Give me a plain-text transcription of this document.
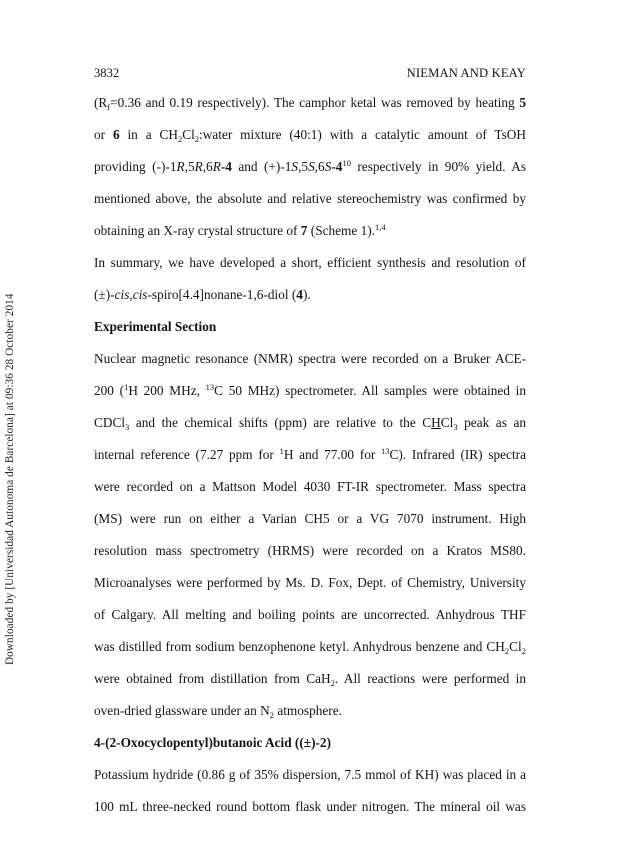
Downloaded by [Universidad Autonoma de Barcelona] at 09:36 28 October 2014
3832	NIEMAN AND KEAY
($R_f=0.36$ and 0.19 respectively). The camphor ketal was removed by heating 5
or 6 in a $CH_2Cl_2:water$ mixture (40:1) with a catalytic amount of TsOH
providing (-)-1R,5R,6R-4 and $(+)-1S,5S,6S-4^{10}$ respectively in 90% yield. As
mentioned above, the absolute and relative stereochemistry was confirmed by
obtaining an X-ray crystal structure of 7 (Scheme 1).$^{1,4}$
In summary, we have developed a short, efficient synthesis and resolution of
(±)-cis,cis-spiro[4.4]nonane-1,6-diol (4).
Experimental Section
Nuclear magnetic resonance (NMR) spectra were recorded on a Bruker ACE-
200 ($^1$H 200 MHz, $^{13}$C 50 MHz) spectrometer. All samples were obtained in
CDCl$_3$ and the chemical shifts (ppm) are relative to the CHCl$_3$ peak as an
internal reference (7.27 ppm for $^1$H and 77.00 for $^{13}$C). Infrared (IR) spectra
were recorded on a Mattson Model 4030 FT-IR spectrometer. Mass spectra
(MS) were run on either a Varian CH5 or a VG 7070 instrument. High
resolution mass spectrometry (HRMS) were recorded on a Kratos MS80.
Microanalyses were performed by Ms. D. Fox, Dept. of Chemistry, University
of Calgary. All melting and boiling points are uncorrected. Anhydrous THF
was distilled from sodium benzophenone ketyl. Anhydrous benzene and $CH_2Cl_2$
were obtained from distillation from CaH$_2$. All reactions were performed in
oven-dried glassware under an $N_2$ atmosphere.
4-(2-Oxocyclopentyl)butanoic Acid ((±)-2)
Potassium hydride (0.86 g of 35% dispersion, 7.5 mmol of KH) was placed in a
100 mL three-necked round bottom flask under nitrogen. The mineral oil was
